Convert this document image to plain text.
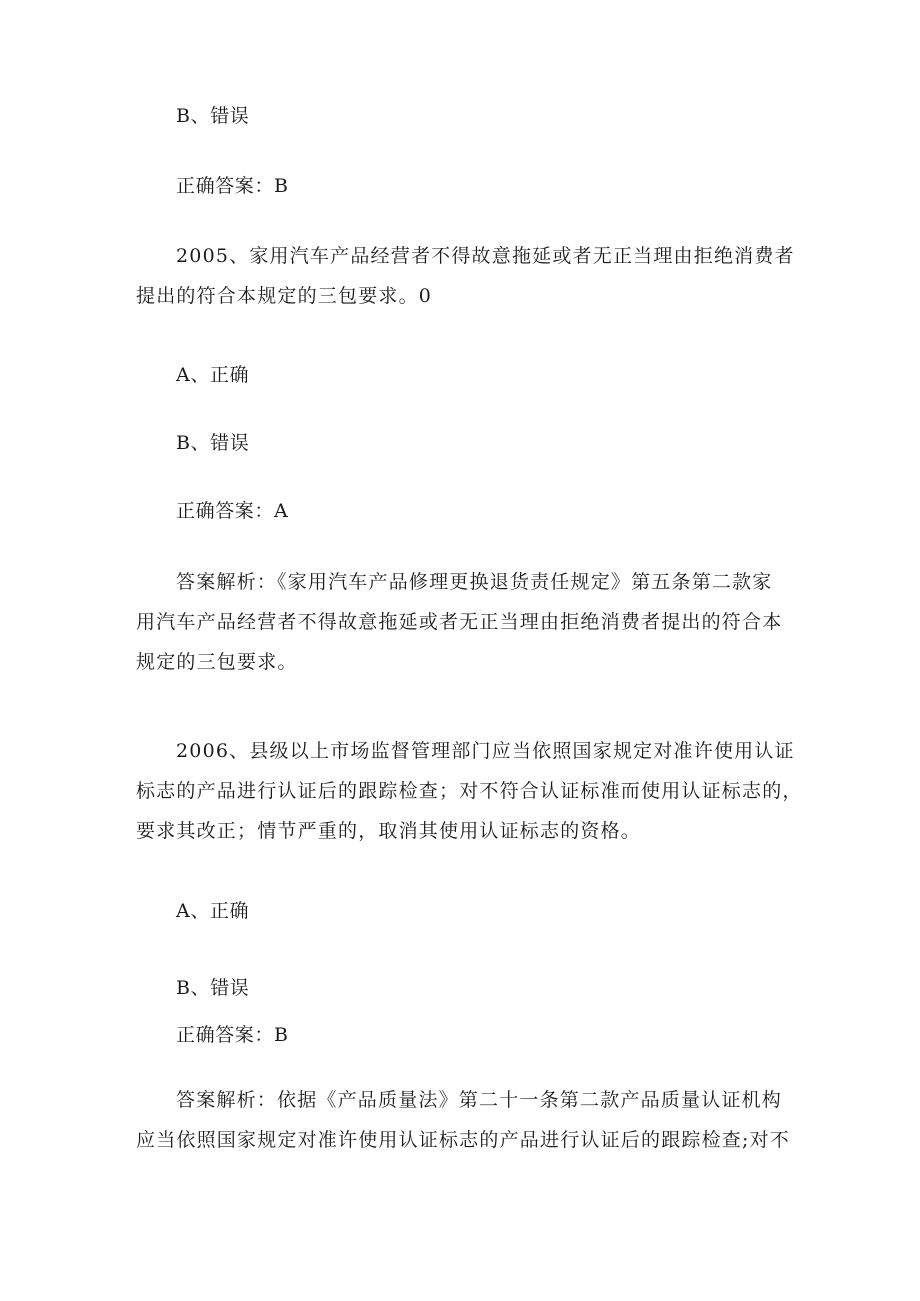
B、错误
正确答案：B
2005、家用汽车产品经营者不得故意拖延或者无正当理由拒绝消费者
提出的符合本规定的三包要求。0
A、正确
B、错误
正确答案：A
答案解析：《家用汽车产品修理更换退货责任规定》第五条第二款家
用汽车产品经营者不得故意拖延或者无正当理由拒绝消费者提出的符合本
规定的三包要求。
2006、县级以上市场监督管理部门应当依照国家规定对准许使用认证
标志的产品进行认证后的跟踪检查；对不符合认证标准而使用认证标志的，
要求其改正；情节严重的，取消其使用认证标志的资格。
A、正确
B、错误
正确答案：B
答案解析：依据《产品质量法》第二十一条第二款产品质量认证机构
应当依照国家规定对准许使用认证标志的产品进行认证后的跟踪检查;对不
